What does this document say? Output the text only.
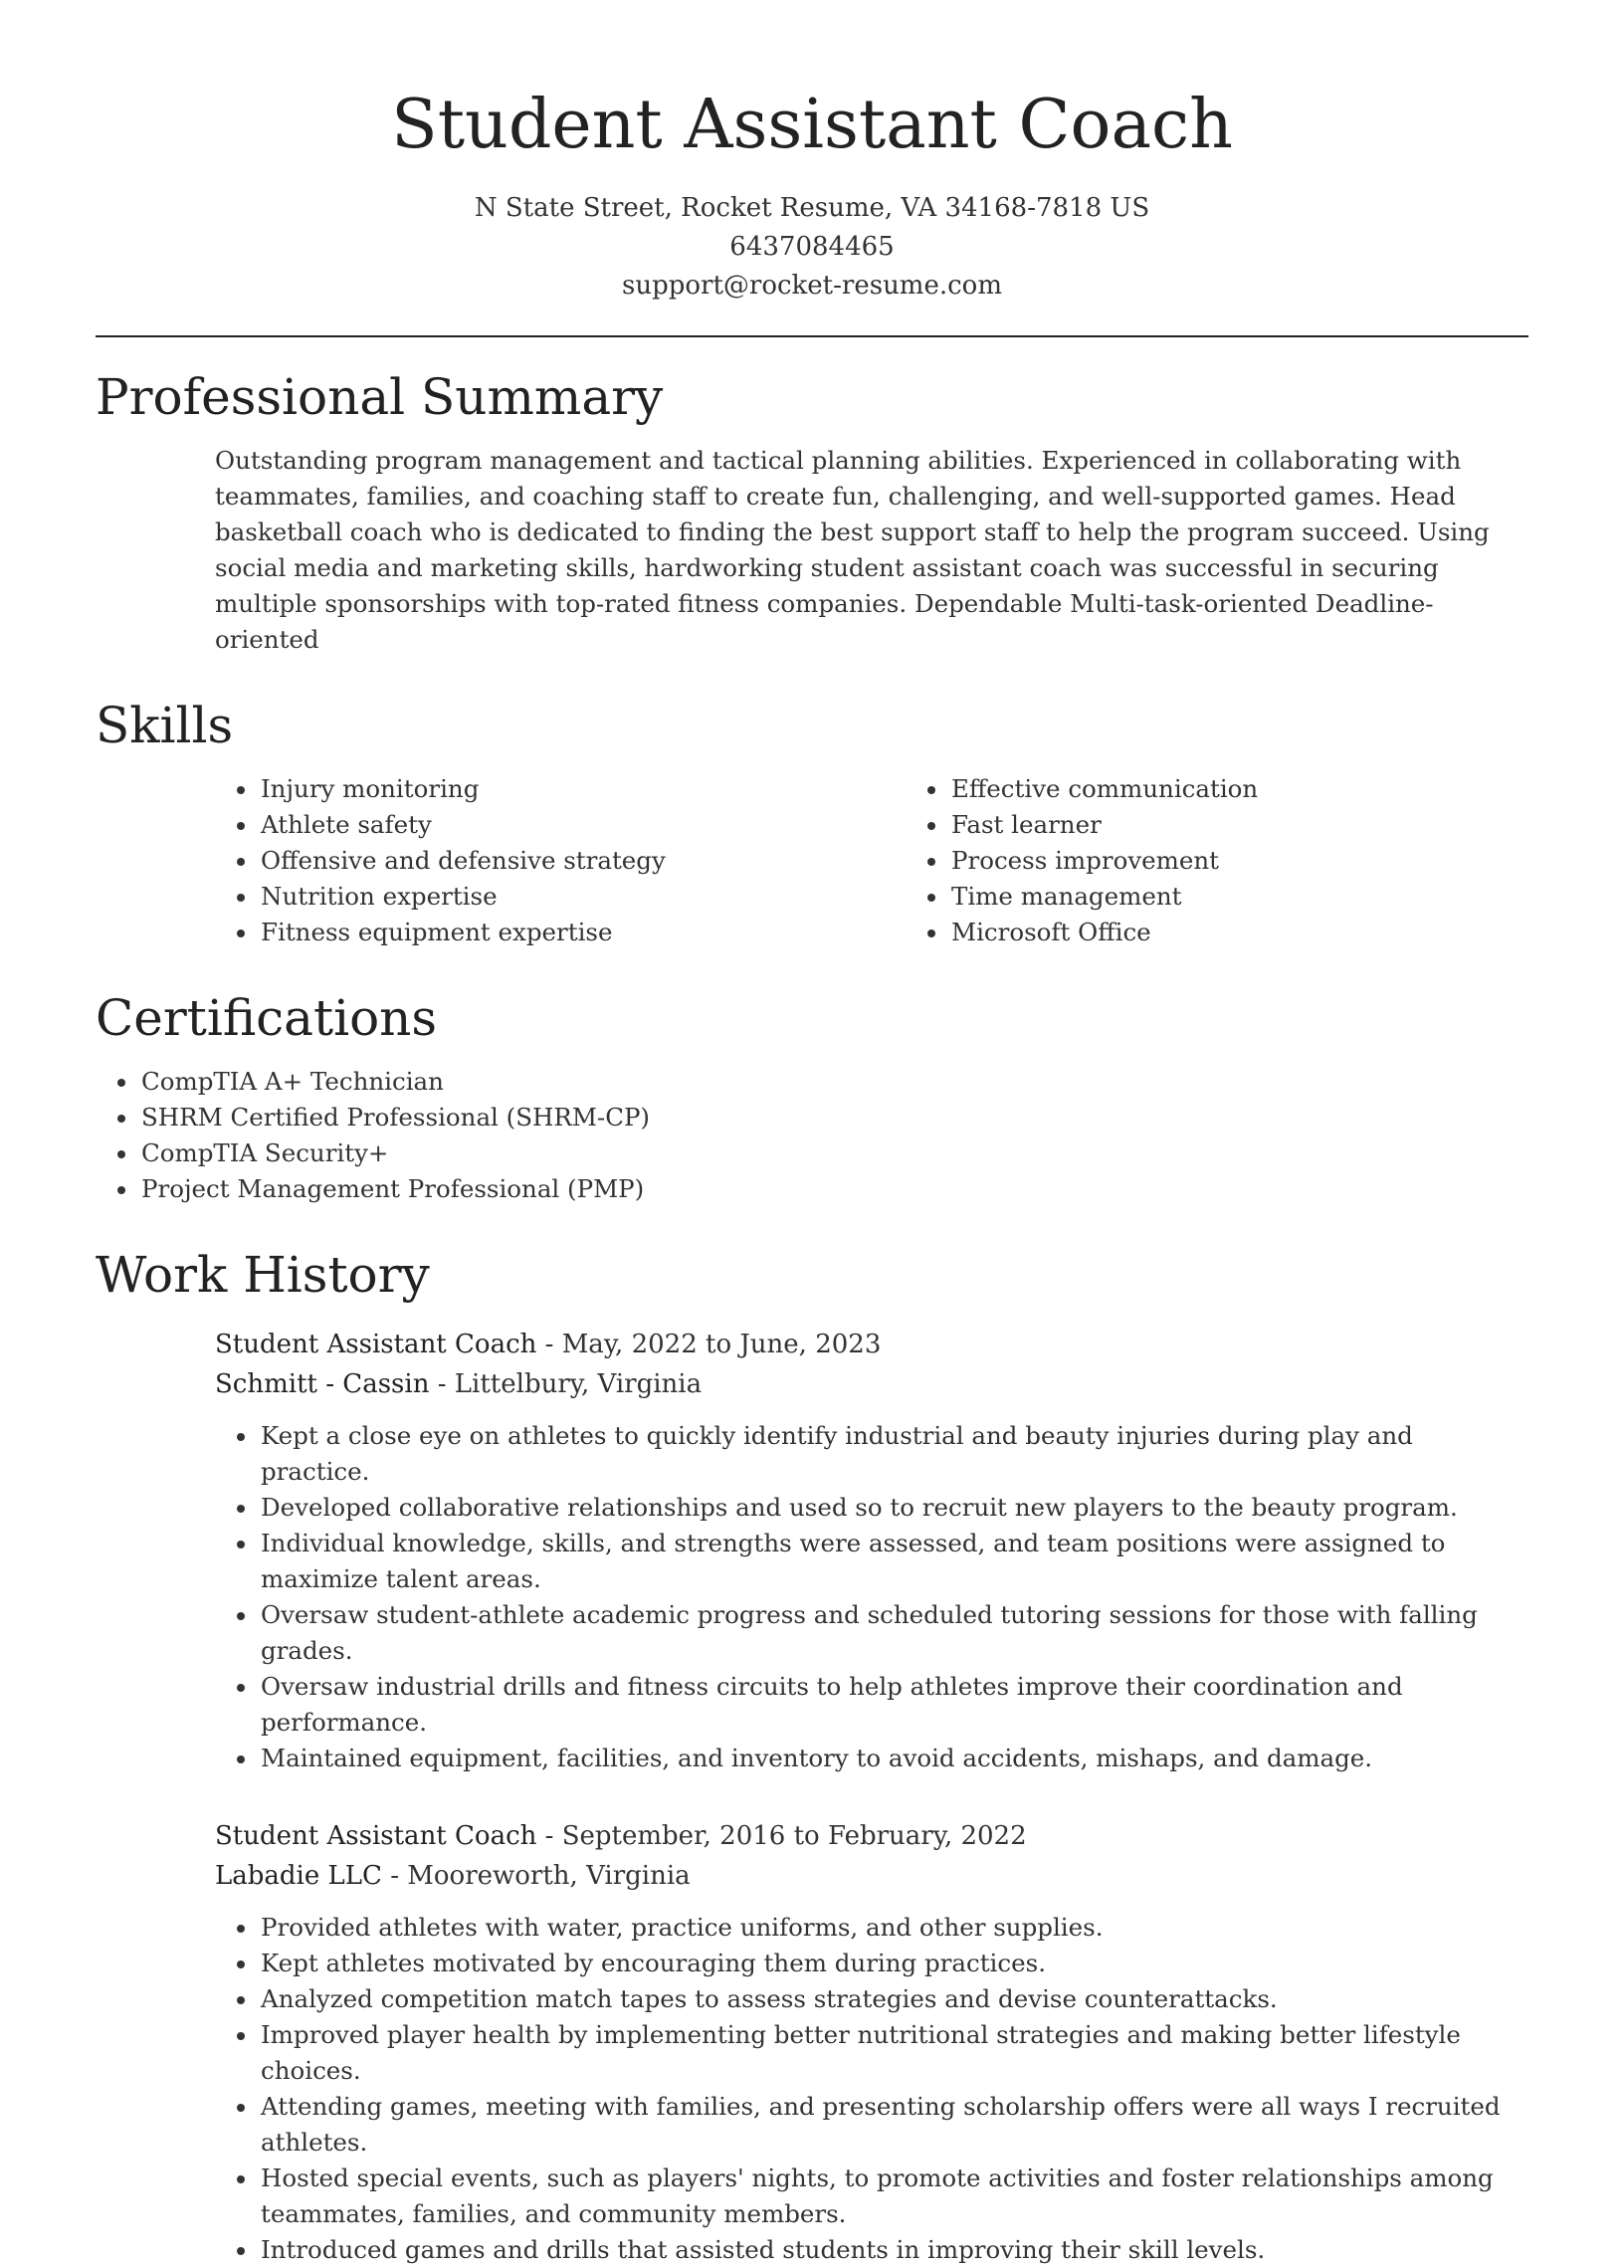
Student Assistant Coach
N State Street, Rocket Resume, VA 34168-7818 US
6437084465
support@rocket-resume.com
Professional Summary

Outstanding program management and tactical planning abilities. Experienced in collaborating with teammates, families, and coaching staff to create fun, challenging, and well-supported games. Head basketball coach who is dedicated to finding the best support staff to help the program succeed. Using social media and marketing skills, hardworking student assistant coach was successful in securing multiple sponsorships with top-rated fitness companies. Dependable Multi-task-oriented Deadline-oriented

Skills
• Injury monitoring
• Athlete safety
• Offensive and defensive strategy
• Nutrition expertise
• Fitness equipment expertise
• Effective communication
• Fast learner
• Process improvement
• Time management
• Microsoft Office
Certifications
• CompTIA A+ Technician
• SHRM Certified Professional (SHRM-CP)
• CompTIA Security+
• Project Management Professional (PMP)
Work History
Student Assistant Coach - May, 2022 to June, 2023
Schmitt - Cassin - Littelbury, Virginia
• Kept a close eye on athletes to quickly identify industrial and beauty injuries during play and practice.
• Developed collaborative relationships and used so to recruit new players to the beauty program.
• Individual knowledge, skills, and strengths were assessed, and team positions were assigned to maximize talent areas.
• Oversaw student-athlete academic progress and scheduled tutoring sessions for those with falling grades.
• Oversaw industrial drills and fitness circuits to help athletes improve their coordination and performance.
• Maintained equipment, facilities, and inventory to avoid accidents, mishaps, and damage.
Student Assistant Coach - September, 2016 to February, 2022
Labadie LLC - Mooreworth, Virginia
• Provided athletes with water, practice uniforms, and other supplies.
• Kept athletes motivated by encouraging them during practices.
• Analyzed competition match tapes to assess strategies and devise counterattacks.
• Improved player health by implementing better nutritional strategies and making better lifestyle choices.
• Attending games, meeting with families, and presenting scholarship offers were all ways I recruited athletes.
• Hosted special events, such as players' nights, to promote activities and foster relationships among teammates, families, and community members.
• Introduced games and drills that assisted students in improving their skill levels.
